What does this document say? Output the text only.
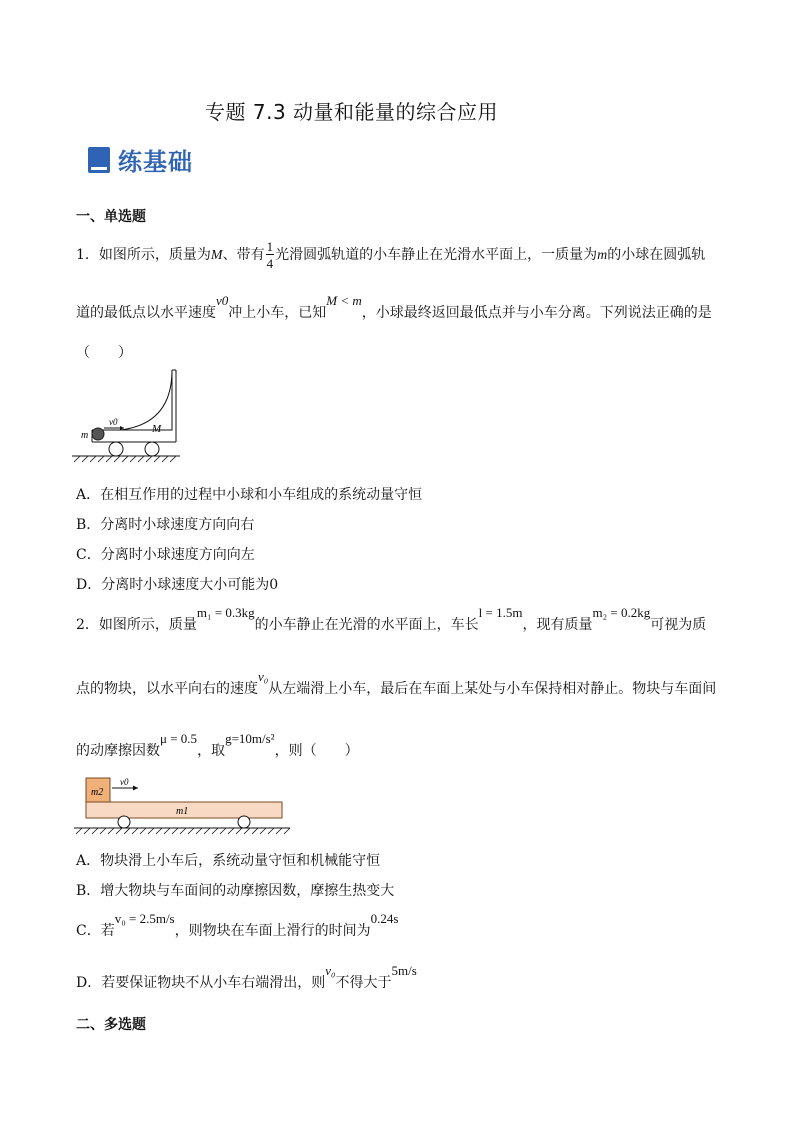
专题 7.3 动量和能量的综合应用
练基础
一、单选题
1．如图所示，质量为M、带有 $\frac{1}{4}$ 光滑圆弧轨道的小车静止在光滑水平面上，一质量为m的小球在圆弧轨
道的最低点以水平速度v0冲上小车，已知M < m，小球最终返回最低点并与小车分离。下列说法正确的是
（　　）
m
v0
M
A．在相互作用的过程中小球和小车组成的系统动量守恒
B．分离时小球速度方向向右
C．分离时小球速度方向向左
D．分离时小球速度大小可能为0
2．如图所示，质量m₁ = 0.3kg的小车静止在光滑的水平面上，车长l = 1.5m，现有质量m₂ = 0.2kg可视为质
点的物块，以水平向右的速度v₀从左端滑上小车，最后在车面上某处与小车保持相对静止。物块与车面间
的动摩擦因数μ = 0.5，取g=10m/s²，则（　　）
m2
v0
m1
A．物块滑上小车后，系统动量守恒和机械能守恒
B．增大物块与车面间的动摩擦因数，摩擦生热变大
C．若v₀ = 2.5m/s，则物块在车面上滑行的时间为0.24s
D．若要保证物块不从小车右端滑出，则v₀不得大于5m/s
二、多选题
